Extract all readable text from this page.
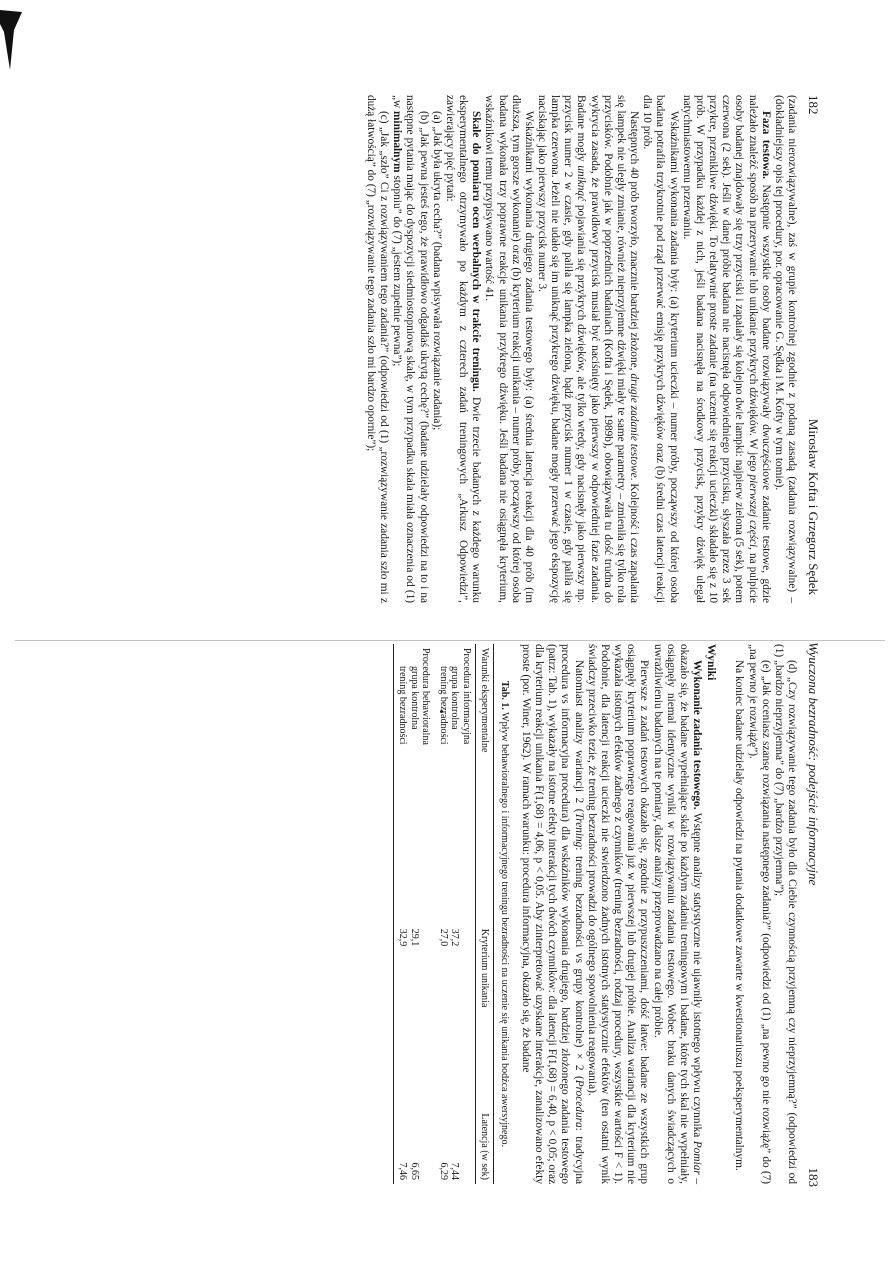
182
Mirosław Kofta i Grzegorz Sędek

(zadania nierozwiązywalne), zaś w grupie kontrolnej zgodnie z podaną zasadą (zadania rozwiązywalne) – (dokładniejszy opis tej procedury, por. opracowanie G. Sędka i M. Kofty w tym tomie).

Faza testowa. Następnie wszystkie osoby badane rozwiązywały dwuczęściowe zadanie testowe, gdzie należało znaleźć sposób na przerywanie lub unikanie przykrych dźwięków. W jego pierwszej części, na pulpicie osoby badanej znajdowały się trzy przyciski i zapalały się kolejno dwie lampki: najpierw zielona (5 sek), potem czerwona (2 sek). Jeśli w danej próbie badana nie nacisnęła odpowiedniego przycisku, słyszała przez 3 sek przykre, przenikliwe dźwięki. To relatywnie proste zadanie (na uczenie się reakcji ucieczki) składało się z 10 prób. W przypadku każdej z nich, jeśli badana nacisnęła na środkowy przycisk, przykry dźwięk ulegał natychmiastowemu przerwaniu.

Wskaźnikami wykonania zadania były: (a) kryterium ucieczki – numer próby, począwszy od której osoba badana potrafiła trzykrotnie pod rząd przerwać emisję przykrych dźwięków oraz (b) średni czas latencji reakcji dla 10 prób.

Następnych 40 prób tworzyło, znacznie bardziej złożone, drugie zadanie testowe. Kolejność i czas zapalania się lampek nie uległy zmianie, również nieprzyjemne dźwięki miały te same parametry – zmieniła się tylko rola przycisków. Podobnie jak w poprzednich badaniach (Kofta i Sędek, 1989b), obowiązywała tu dość trudna do wykrycia zasada, że prawidłowy przycisk musiał być naciśnięty jako pierwszy w odpowiedniej fazie zadania. Badane mogły uniknąć pojawiania się przykrych dźwięków, ale tylko wtedy, gdy nacisnęły jako pierwszy np. przycisk numer 2 w czasie, gdy paliła się lampka zielona, bądź przycisk numer 1 w czasie, gdy paliła się lampka czerwona. Jeżeli nie udało się im uniknąć przykrego dźwięku, badane mogły przerwać jego ekspozycję naciskając jako pierwszy przycisk numer 3.

Wskaźnikami wykonania drugiego zadania testowego były: (a) średnia latencja reakcji dla 40 prób (im dłuższa, tym gorsze wykonanie) oraz (b) kryterium reakcji unikania – numer próby, począwszy od której osoba badana wykonała trzy poprawne reakcje unikania przykrego dźwięku. Jeśli badana nie osiągnęła kryterium, wskaźnikowi temu przypisywano wartość 41.

Skale do pomiaru ocen werbalnych w trakcie treningu. Dwie trzecie badanych z każdego warunku eksperymentalnego otrzymywało po każdym z czterech zadań treningowych „Arkusz Odpowiedzi”, zawierający pięć pytań:

(a) „Jak była ukryta cecha?” (badana wpisywała rozwiązanie zadania);

(b) „Jak pewna jesteś tego, że prawidłowo odgadłaś ukrytą cechę?” (badane udzielały odpowiedzi na to i na następne pytania mając do dyspozycji siedmiostopniową skalę, w tym przypadku skala miała oznaczenia od (1) „w minimalnym stopniu” do (7) „jestem zupełnie pewna”);

(c) „Jak „szło” Ci z rozwiązywaniem tego zadania?” (odpowiedzi od (1) „rozwiązywanie zadania szło mi z dużą łatwością” do (7) „rozwiązywanie tego zadania szło mi bardzo opornie”);

Wyuczona bezradność: podejście informacyjne
183

(d) „Czy rozwiązywanie tego zadania było dla Ciebie czynnością przyjemną czy nieprzyjemną?” (odpowiedzi od (1) „bardzo nieprzyjemna” do (7) „bardzo przyjemna”);

(e) „Jak oceniasz szansę rozwiązania następnego zadania?” (odpowiedzi od (1) „na pewno go nie rozwiążę” do (7) „na pewno je rozwiążę”).

Na koniec badane udzielały odpowiedzi na pytania dodatkowe zawarte w kwestionariuszu poeksperymentalnym.

Wyniki

Wykonanie zadania testowego. Wstępne analizy statystyczne nie ujawniły istotnego wpływu czynnika Pomiar – okazało się, że badane wypełniające skale po każdym zadaniu treningowym i badane, które tych skal nie wypełniały, osiągnęły niemal identyczne wyniki w rozwiązywaniu zadania testowego. Wobec braku danych świadczących o uwrażliwieniu badanych na te pomiary, dalsze analizy przeprowadzano na całej próbie.

Pierwsze z zadań testowych okazało się, zgodnie z przypuszczeniami, dość łatwe: badane ze wszystkich grup osiągnęły kryterium poprawnego reagowania już w pierwszej lub drugiej próbie. Analiza wariancji dla kryterium nie wykazała istotnych efektów żadnego z czynników (trening bezradności, rodzaj procedury, wszystkie wartości F < 1). Podobnie, dla latencji reakcji ucieczki nie stwierdzono żadnych istotnych statystycznie efektów (ten ostatni wynik świadczy przeciwko tezie, że trening bezradności prowadzi do ogólnego spowolnienia reagowania).

Natomiast analizy wariancji 2 (Trening: trening bezradności vs grupy kontrolne) × 2 (Procedura: tradycyjna procedura vs informacyjna procedura) dla wskaźników wykonania drugiego, bardziej złożonego zadania testowego (patrz: Tab. 1), wykazały na istotne efekty interakcji tych dwóch czynników: dla latencji F(1,68) = 6,40, p < 0,05; oraz dla kryterium reakcji unikania F(1,68) = 4,06, p < 0,05. Aby zinterpretować uzyskane interakcje, zanalizowano efekty proste (por. Winer, 1962). W ramach warunku: procedura informacyjna, okazało się, że badane

Tab. 1. Wpływ behawioralnego i informacyjnego treningu bezradności na uczenie się unikania bodźca awersyjnego.
Warunki eksperymentalne	Kryterium unikania	Latencja (w sek)
Procedura informacyjna		
grupa kontrolna	37,2	7,44
trening bezradności	27,0	6,29
Procedura behawioralna		
grupa kontrolna	29,1	6,65
trening bezradności	32,9	7,46
